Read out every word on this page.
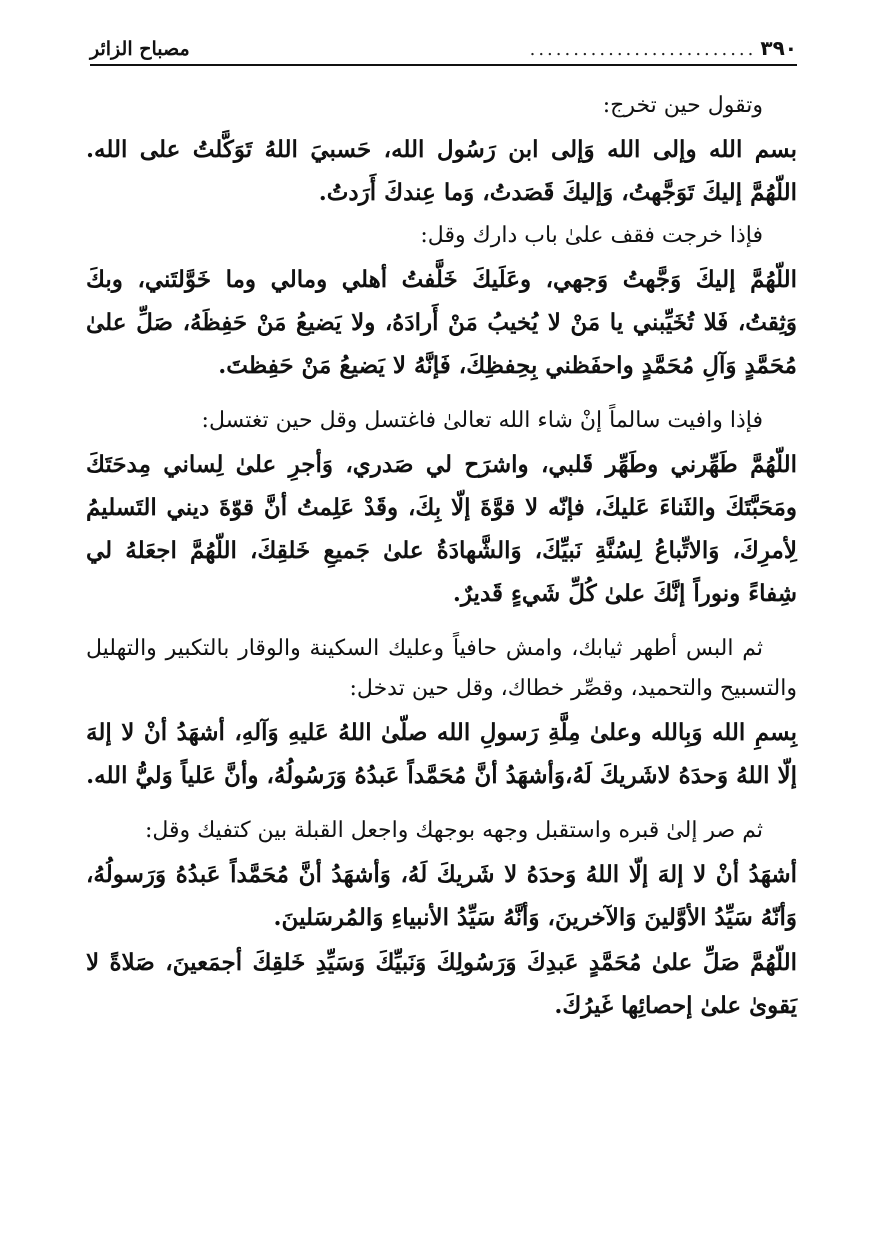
٣٩٠
..........................
مصباح الزائر

وتقول حين تخرج:

بسم الله وإلى الله وَإلى ابن رَسُول الله، حَسبيَ اللهُ تَوَكَّلتُ على الله. اللّهُمَّ إليكَ تَوَجَّهتُ، وَإليكَ قَصَدتُ، وَما عِندكَ أَرَدتُ.

فإذا خرجت فقف علىٰ باب دارك وقل:

اللّهُمَّ إليكَ وَجَّهتُ وَجهي، وعَلَيكَ خَلَّفتُ أهلي ومالي وما خَوَّلتَني، وبكَ وَثِقتُ، فَلا تُخَيِّبني يا مَنْ لا يُخيبُ مَنْ أَرادَهُ، ولا يَضيعُ مَنْ حَفِظَهُ، صَلِّ علىٰ مُحَمَّدٍ وَآلِ مُحَمَّدٍ واحفَظني بِحِفظِكَ، فَإنَّهُ لا يَضيعُ مَنْ حَفِظتَ.

فإذا وافيت سالماً إنْ شاء الله تعالىٰ فاغتسل وقل حين تغتسل:

اللّهُمَّ طَهِّرني وطَهِّر قَلبي، واشرَح لي صَدري، وَأجرِ علىٰ لِساني مِدحَتَكَ ومَحَبَّتَكَ والثَناءَ عَليكَ، فإنّه لا قوَّةَ إلّا بِكَ، وقَدْ عَلِمتُ أنَّ قوّةَ ديني التَسليمُ لِأمرِكَ، وَالاتِّباعُ لِسُنَّةِ نَبيِّكَ، وَالشَّهادَةُ علىٰ جَميعِ خَلقِكَ، اللّهُمَّ اجعَلهُ لي شِفاءً ونوراً إنَّكَ علىٰ كُلِّ شَيءٍ قَديرٌ.

ثم البس أطهر ثيابك، وامش حافياً وعليك السكينة والوقار بالتكبير والتهليل والتسبيح والتحميد، وقصِّر خطاك، وقل حين تدخل:

بِسمِ الله وَبِالله وعلىٰ مِلَّةِ رَسولِ الله صلّىٰ اللهُ عَليهِ وَآلهِ، أشهَدُ أنْ لا إلهَ إلّا اللهُ وَحدَهُ لاشَريكَ لَهُ،وَأشهَدُ أنَّ مُحَمَّداً عَبدُهُ وَرَسُولُهُ، وأنَّ عَلياً وَليُّ الله.

ثم صر إلىٰ قبره واستقبل وجهه بوجهك واجعل القبلة بين كتفيك وقل:

أشهَدُ أنْ لا إلهَ إلّا اللهُ وَحدَهُ لا شَريكَ لَهُ، وَأشهَدُ أنَّ مُحَمَّداً عَبدُهُ وَرَسولُهُ، وَأنّهُ سَيِّدُ الأوَّلينَ وَالآخرينَ، وَأنَّهُ سَيِّدُ الأنبياءِ وَالمُرسَلينَ.

اللّهُمَّ صَلِّ علىٰ مُحَمَّدٍ عَبدِكَ وَرَسُولِكَ وَنَبيِّكَ وَسَيِّدِ خَلقِكَ أجمَعينَ، صَلاةً لا يَقوىٰ علىٰ إحصائِها غَيرُكَ.
